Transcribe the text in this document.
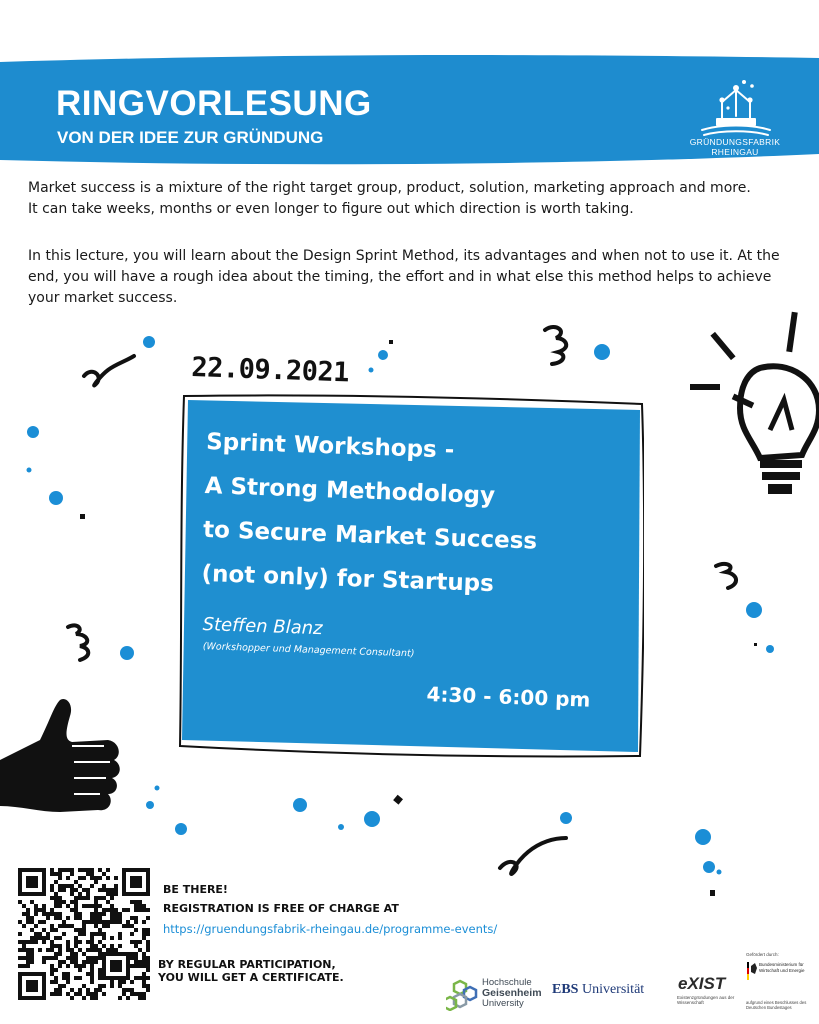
RINGVORLESUNG
VON DER IDEE ZUR GRÜNDUNG	GRÜNDUNGSFABRIK
RHEINGAU
Market success is a mixture of the right target group, product, solution, marketing approach and more.
It can take weeks, months or even longer to figure out which direction is worth taking.
In this lecture, you will learn about the Design Sprint Method, its advantages and when not to use it. At the
end, you will have a rough idea about the timing, the effort and in what else this method helps to achieve
your market success.
22.09.2021
Sprint Workshops -
A Strong Methodology
to Secure Market Success
(not only) for Startups
Steffen Blanz
(Workshopper und Management Consultant)
4:30 - 6:00 pm
BE THERE!
REGISTRATION IS FREE OF CHARGE AT
https://gruendungsfabrik-rheingau.de/programme-events/
BY REGULAR PARTICIPATION,
YOU WILL GET A CERTIFICATE.	Hochschule
Geisenheim
University
EBS Universität eXIST
Existenzgründungen aus der Wissenschaft
Gefördert durch:
Bundesministerium für Wirtschaft und Energie
aufgrund eines Beschlusses des Deutschen Bundestages
